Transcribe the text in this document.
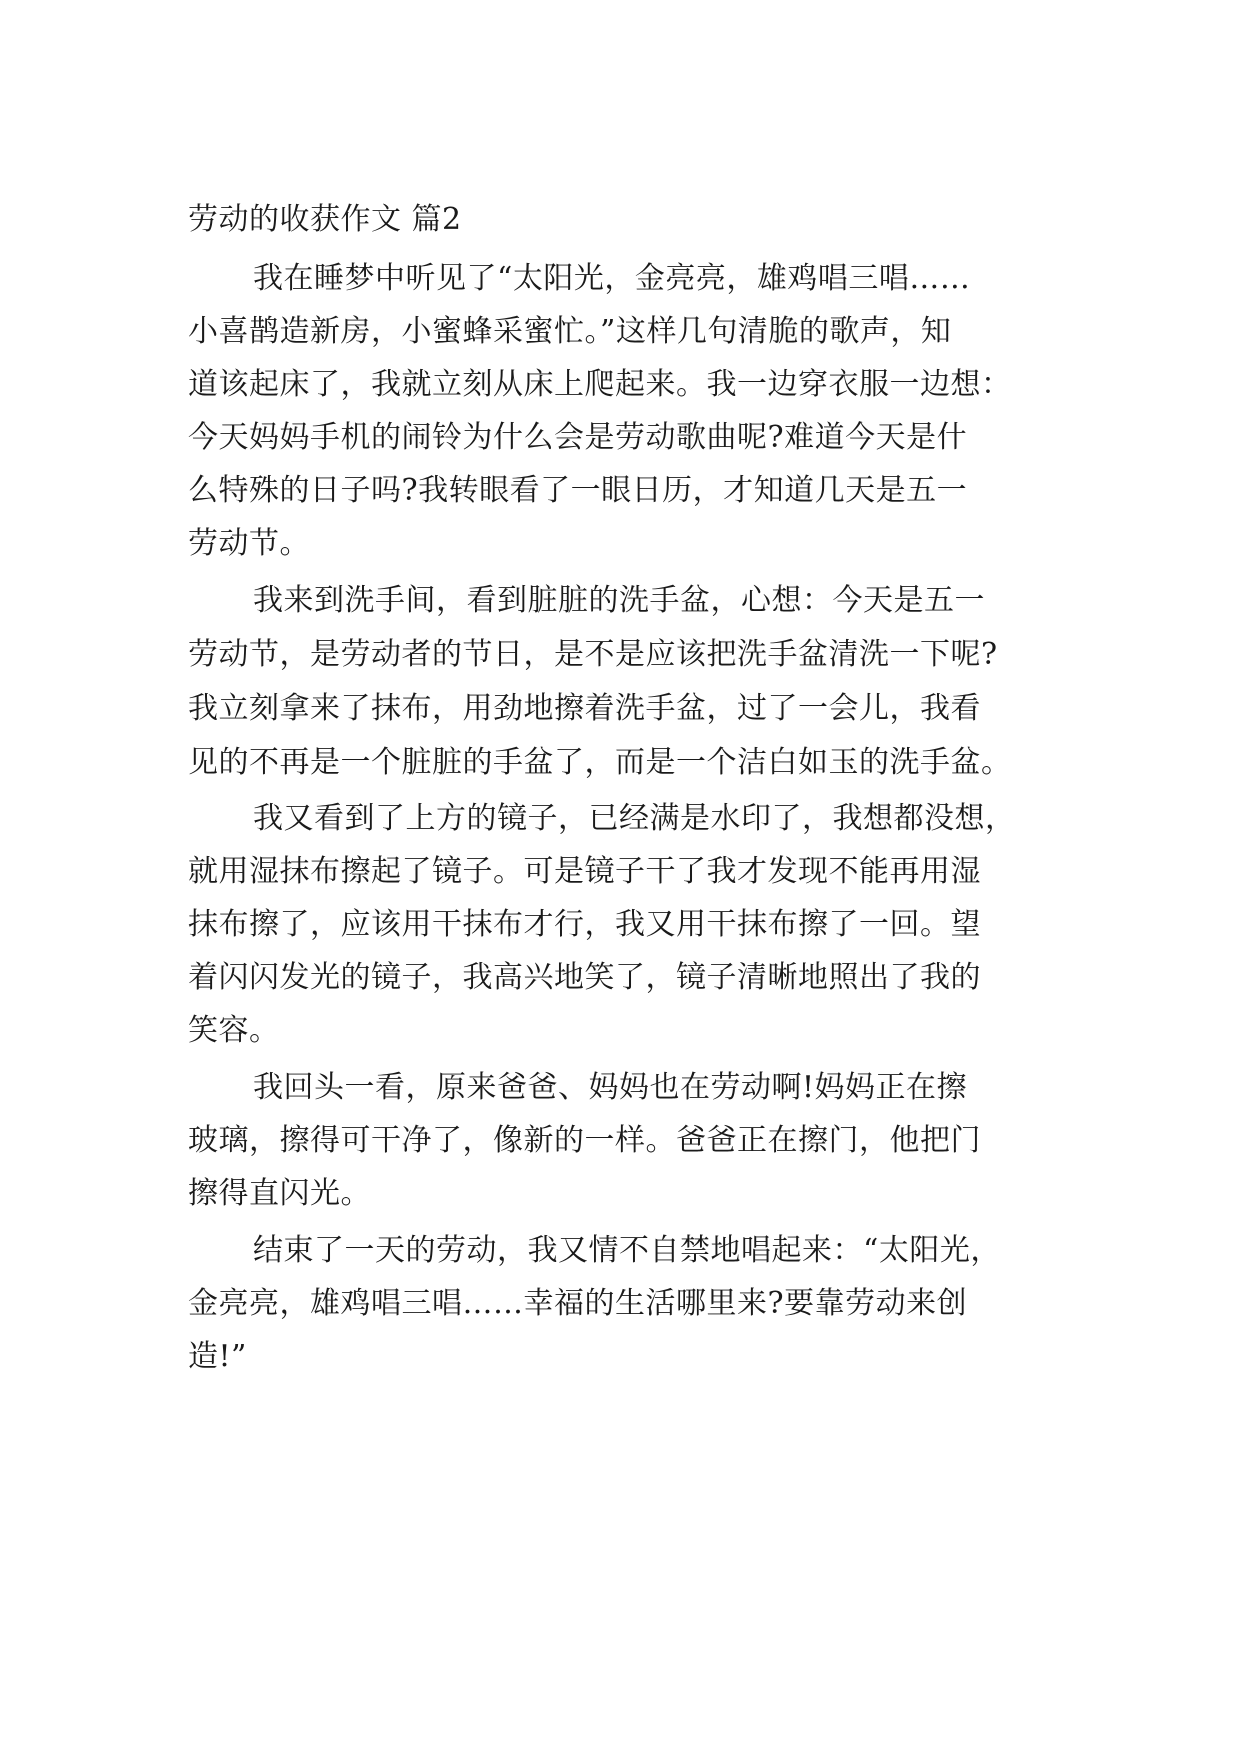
劳动的收获作文 篇2
我在睡梦中听见了“太阳光，金亮亮，雄鸡唱三唱……
小喜鹊造新房，小蜜蜂采蜜忙。”这样几句清脆的歌声，知
道该起床了，我就立刻从床上爬起来。我一边穿衣服一边想：
今天妈妈手机的闹铃为什么会是劳动歌曲呢?难道今天是什
么特殊的日子吗?我转眼看了一眼日历，才知道几天是五一
劳动节。
我来到洗手间，看到脏脏的洗手盆，心想：今天是五一
劳动节，是劳动者的节日，是不是应该把洗手盆清洗一下呢?
我立刻拿来了抹布，用劲地擦着洗手盆，过了一会儿，我看
见的不再是一个脏脏的手盆了，而是一个洁白如玉的洗手盆。
我又看到了上方的镜子，已经满是水印了，我想都没想，
就用湿抹布擦起了镜子。可是镜子干了我才发现不能再用湿
抹布擦了，应该用干抹布才行，我又用干抹布擦了一回。望
着闪闪发光的镜子，我高兴地笑了，镜子清晰地照出了我的
笑容。
我回头一看，原来爸爸、妈妈也在劳动啊!妈妈正在擦
玻璃，擦得可干净了，像新的一样。爸爸正在擦门，他把门
擦得直闪光。
结束了一天的劳动，我又情不自禁地唱起来：“太阳光，
金亮亮，雄鸡唱三唱……幸福的生活哪里来?要靠劳动来创
造!”
